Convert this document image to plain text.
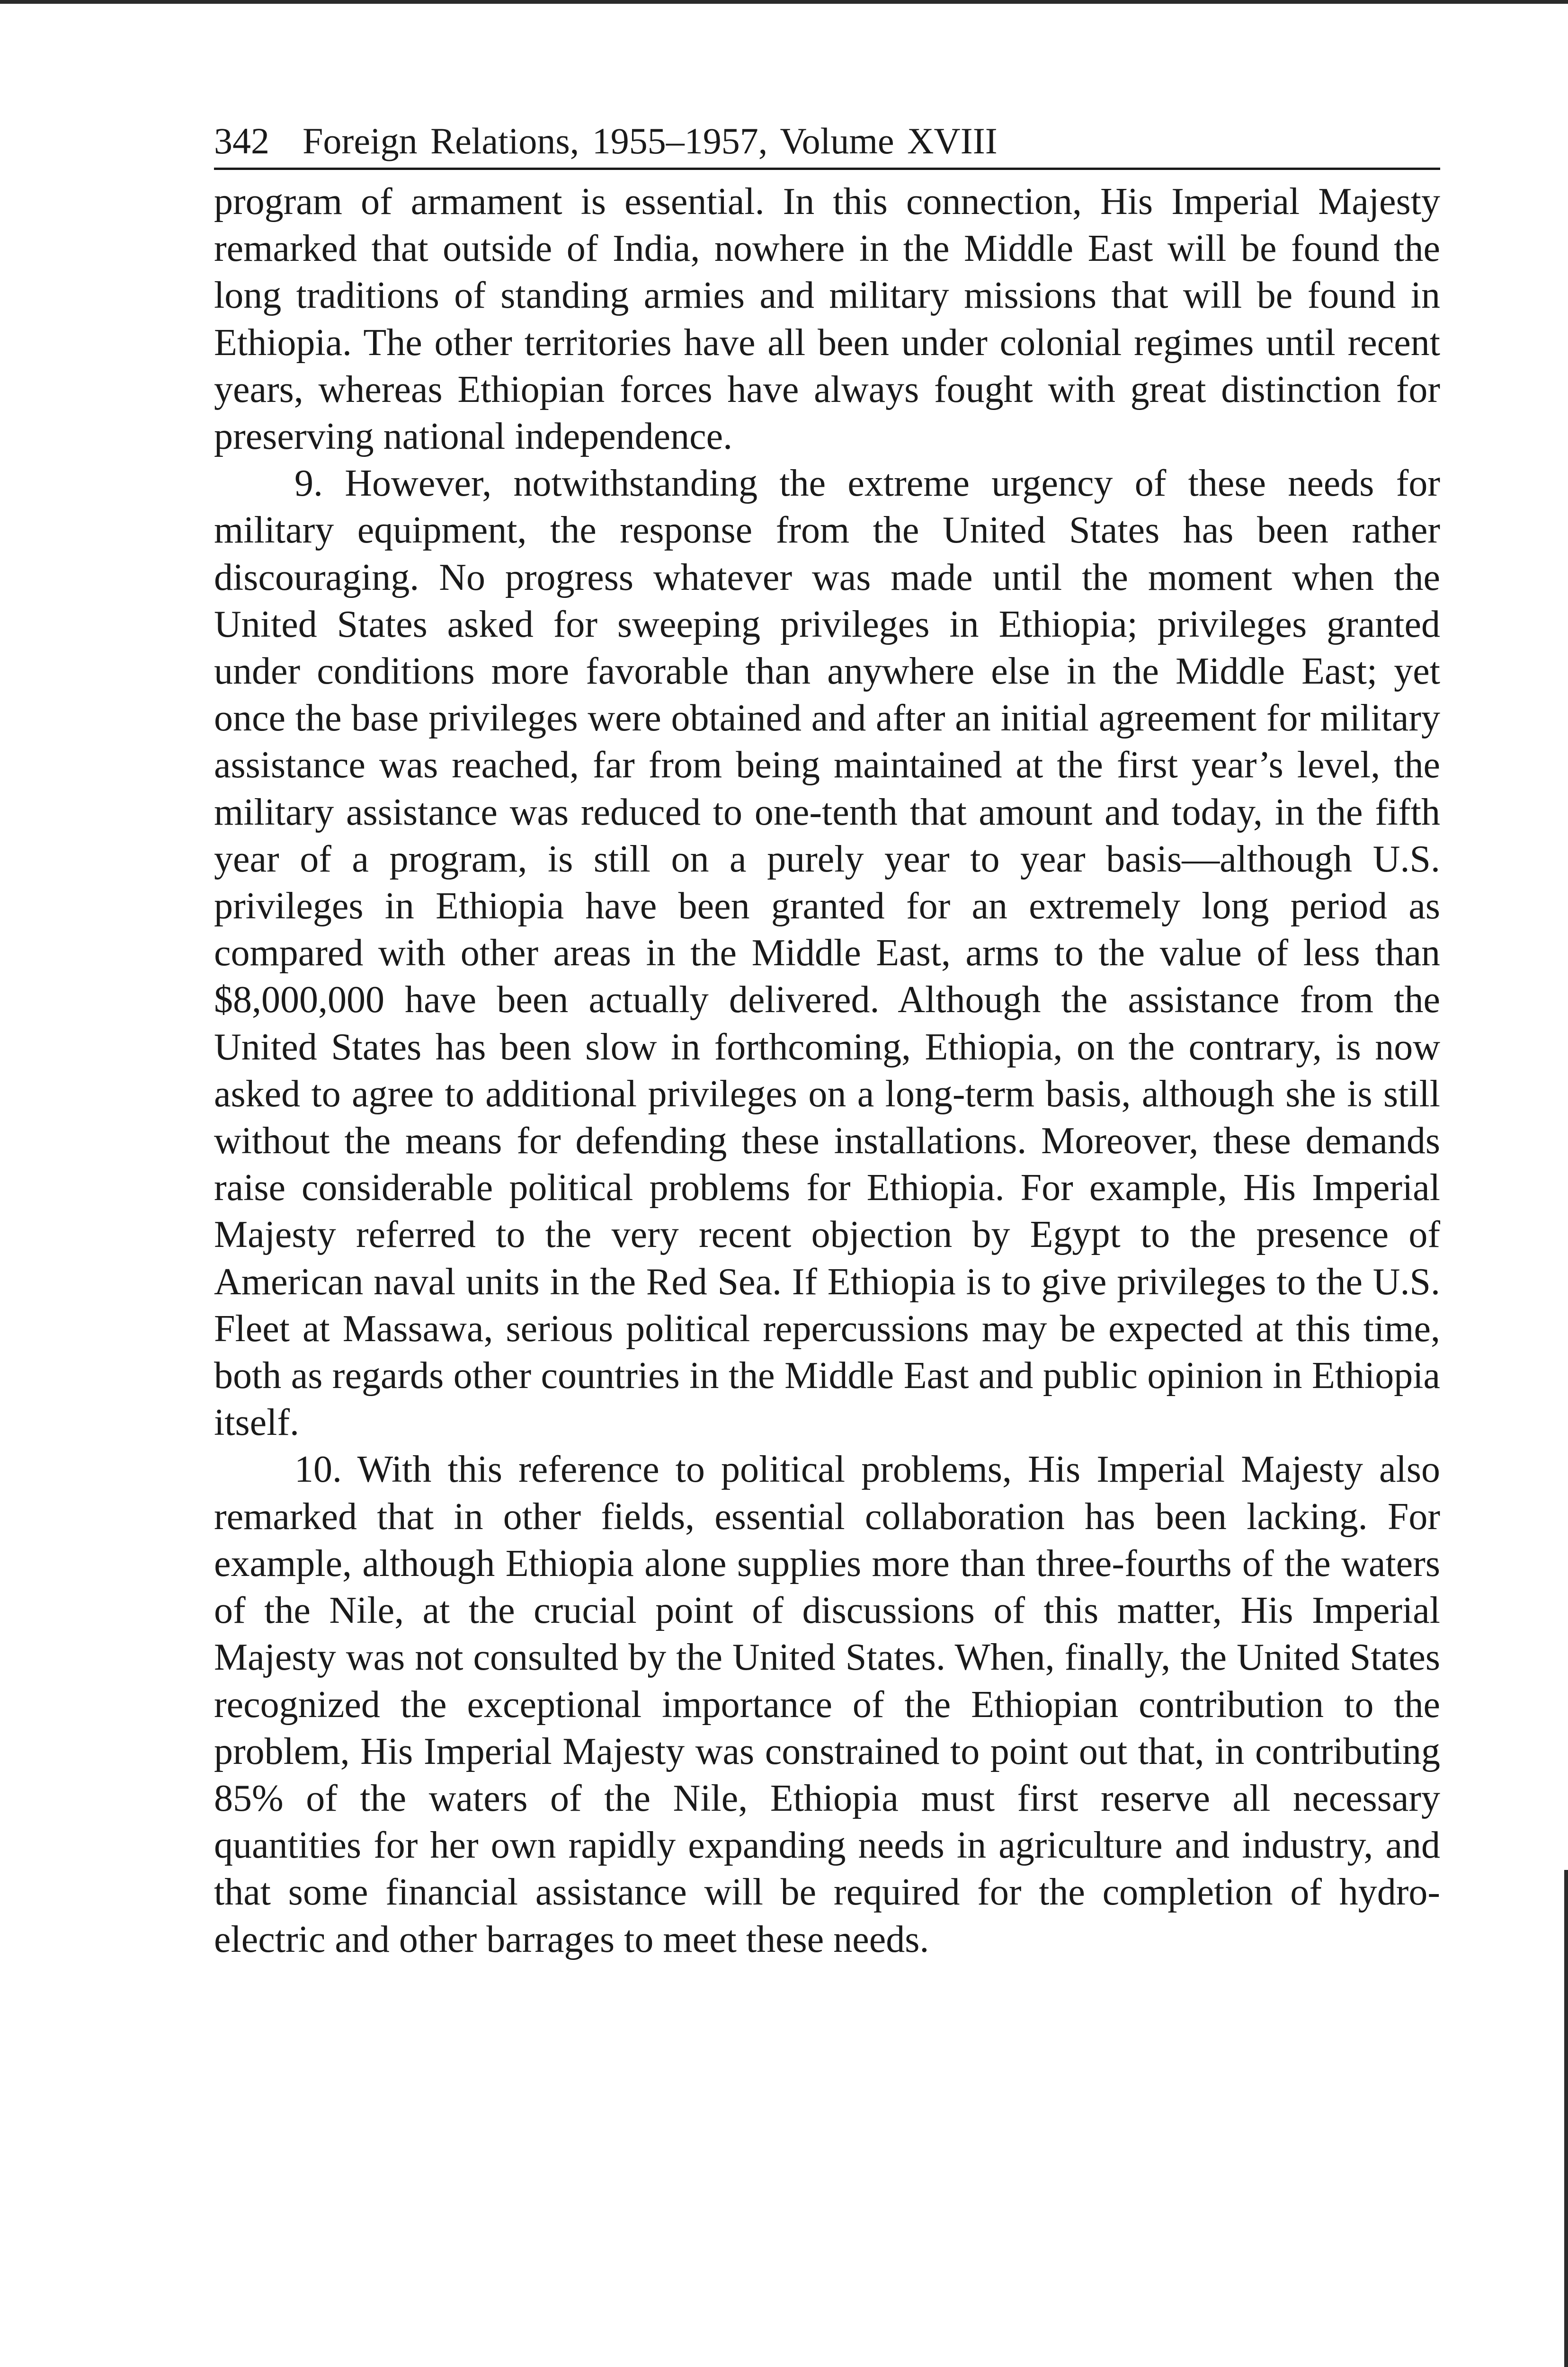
342 Foreign Relations, 1955–1957, Volume XVIII

program of armament is essential. In this connection, His Imperial Majesty remarked that outside of India, nowhere in the Middle East will be found the long traditions of standing armies and military missions that will be found in Ethiopia. The other territories have all been under colonial regimes until recent years, whereas Ethiopian forces have always fought with great distinction for preserving national independence.

9. However, notwithstanding the extreme urgency of these needs for military equipment, the response from the United States has been rather discouraging. No progress whatever was made until the moment when the United States asked for sweeping privileges in Ethiopia; privileges granted under conditions more favorable than anywhere else in the Middle East; yet once the base privileges were obtained and after an initial agreement for military assistance was reached, far from being maintained at the first year’s level, the military assistance was reduced to one-tenth that amount and today, in the fifth year of a program, is still on a purely year to year basis—although U.S. privileges in Ethiopia have been granted for an extremely long period as compared with other areas in the Middle East, arms to the value of less than $8,000,000 have been actually delivered. Although the assistance from the United States has been slow in forthcoming, Ethiopia, on the contrary, is now asked to agree to additional privileges on a long-term basis, although she is still without the means for defending these installations. Moreover, these demands raise considerable political problems for Ethiopia. For example, His Imperial Majesty referred to the very recent objection by Egypt to the presence of American naval units in the Red Sea. If Ethiopia is to give privileges to the U.S. Fleet at Massawa, serious political repercussions may be expected at this time, both as regards other countries in the Middle East and public opinion in Ethiopia itself.

10. With this reference to political problems, His Imperial Majesty also remarked that in other fields, essential collaboration has been lacking. For example, although Ethiopia alone supplies more than three-fourths of the waters of the Nile, at the crucial point of discussions of this matter, His Imperial Majesty was not consulted by the United States. When, finally, the United States recognized the exceptional importance of the Ethiopian contribution to the problem, His Imperial Majesty was constrained to point out that, in contributing 85% of the waters of the Nile, Ethiopia must first reserve all necessary quantities for her own rapidly expanding needs in agriculture and industry, and that some financial assistance will be required for the completion of hydro-electric and other barrages to meet these needs.
